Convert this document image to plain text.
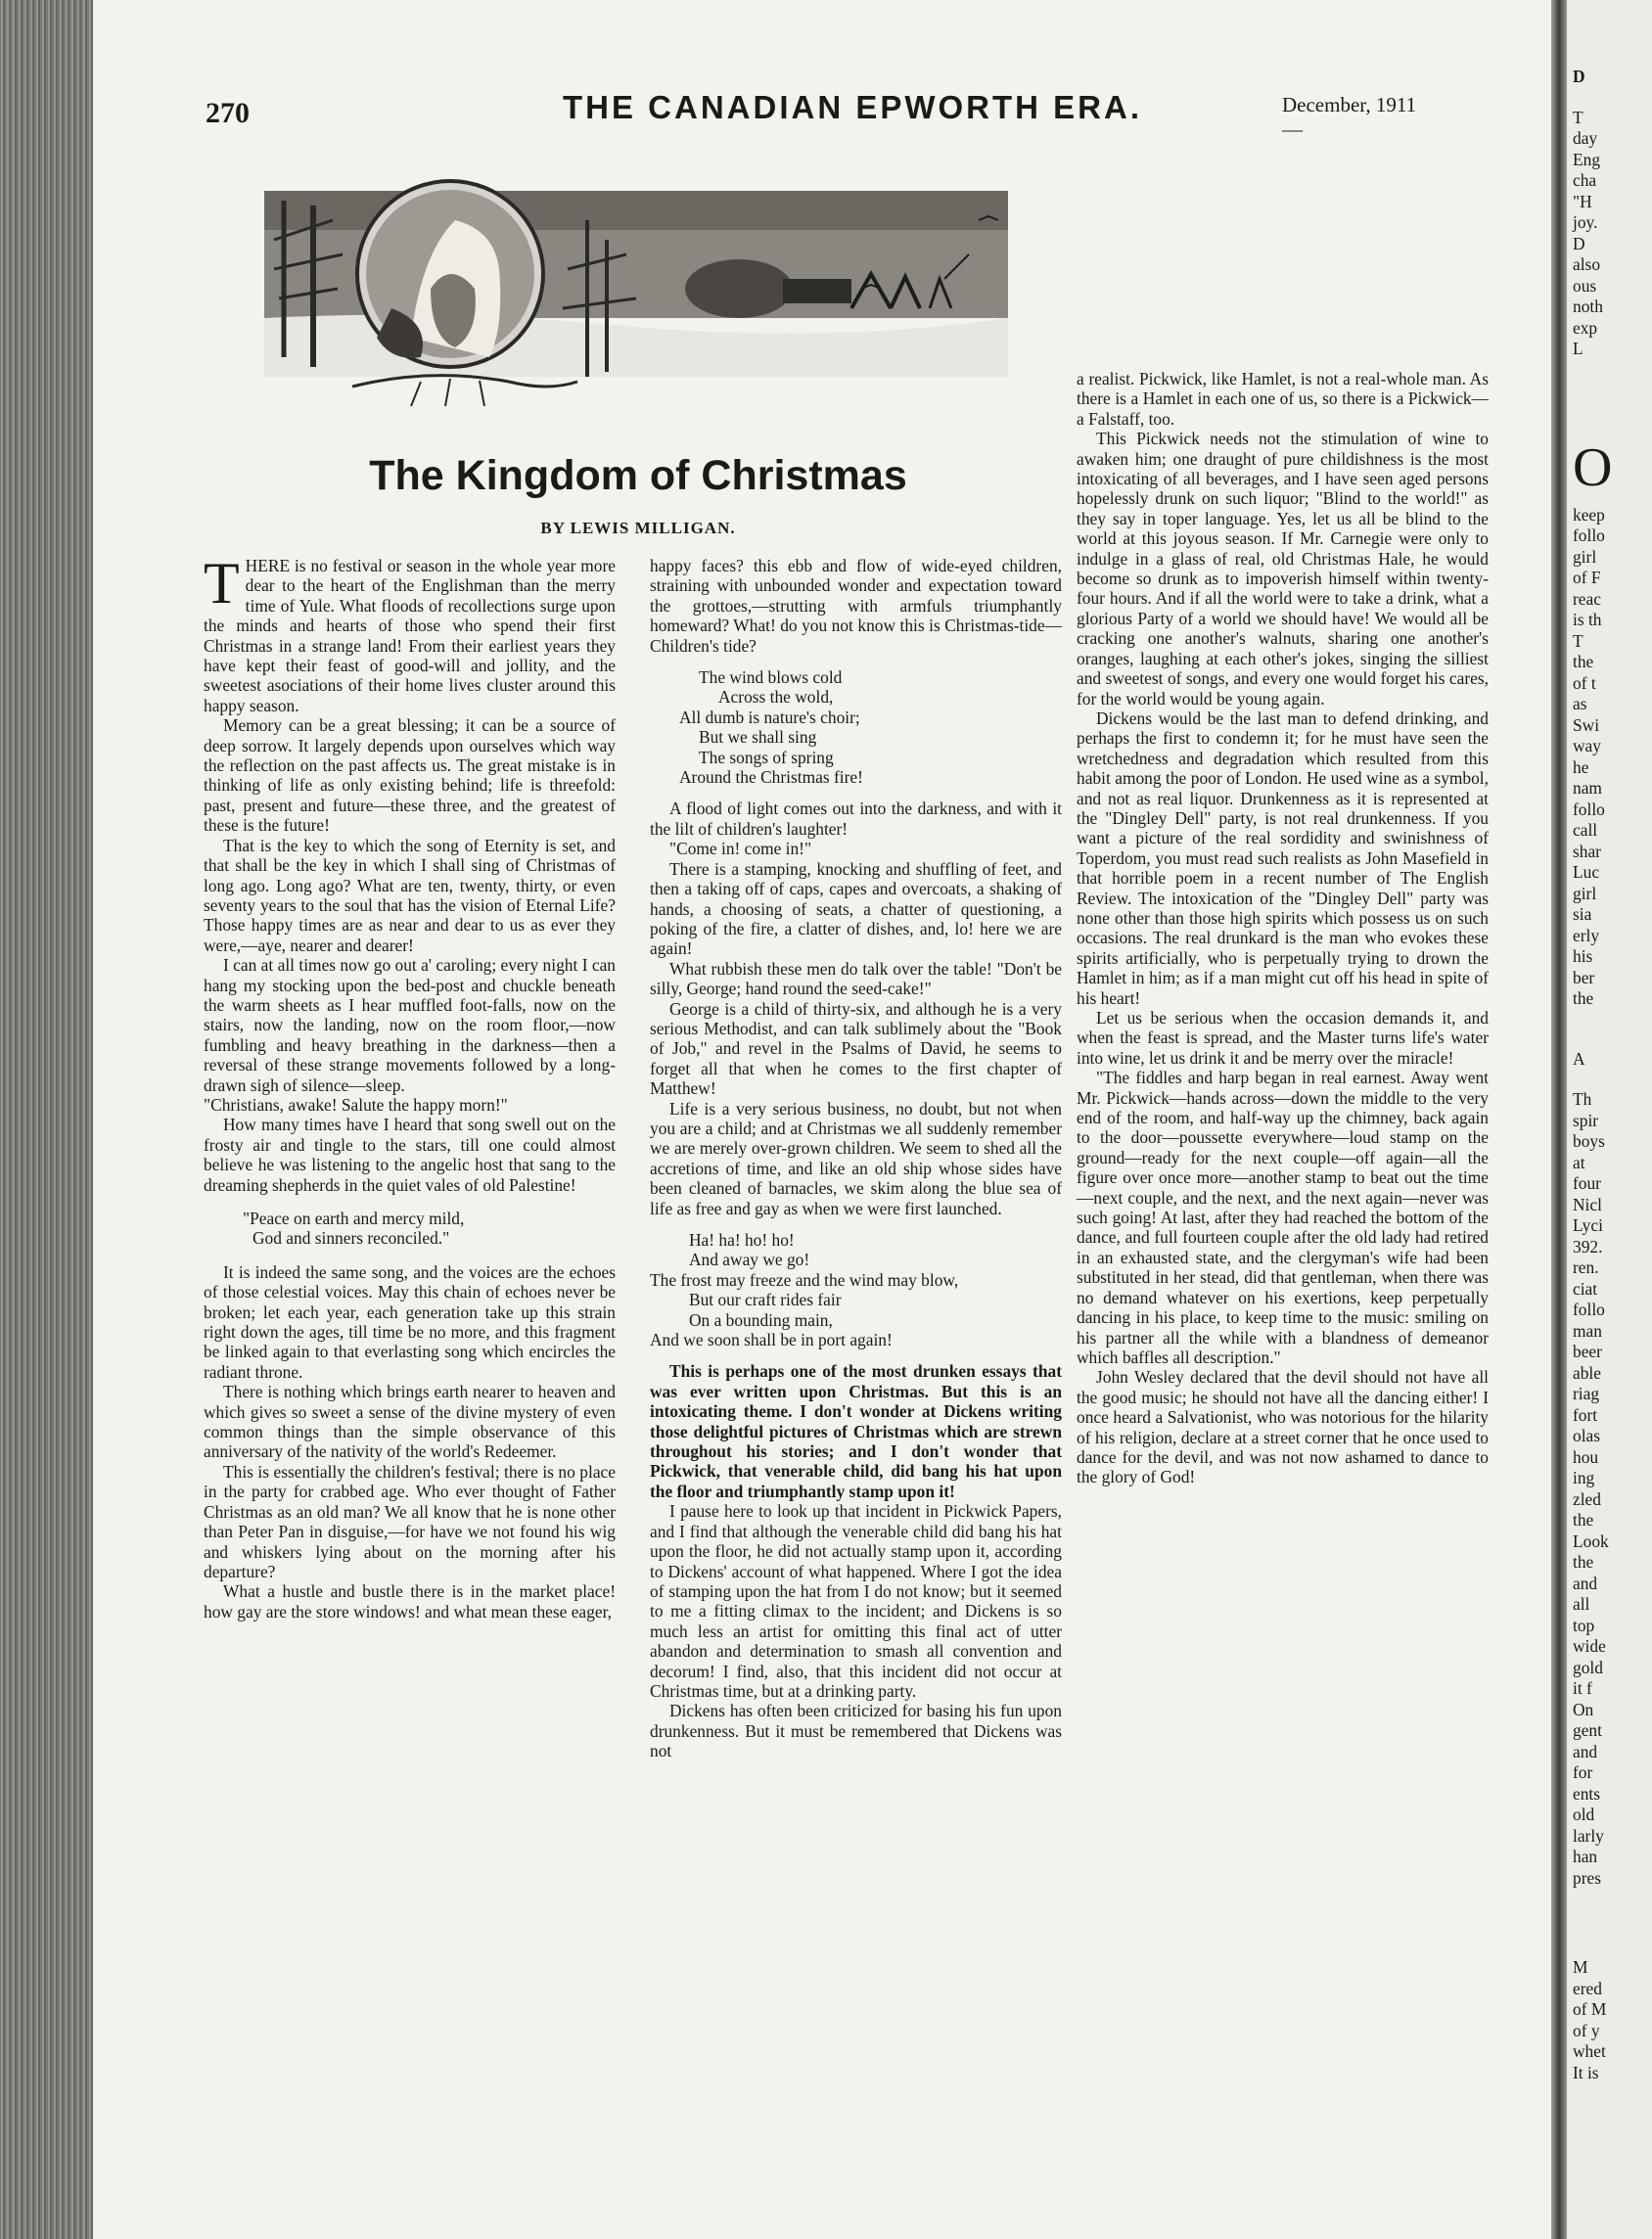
270	THE CANADIAN EPWORTH ERA.	December, 1911—
The Kingdom of Christmas
BY LEWIS MILLIGAN.

THERE is no festival or season in the whole year more dear to the heart of the Englishman than the merry time of Yule. What floods of recollections surge upon the minds and hearts of those who spend their first Christmas in a strange land! From their earliest years they have kept their feast of good-will and jollity, and the sweetest asociations of their home lives cluster around this happy season.

Memory can be a great blessing; it can be a source of deep sorrow. It largely depends upon ourselves which way the reflection on the past affects us. The great mistake is in thinking of life as only existing behind; life is threefold: past, present and future—these three, and the greatest of these is the future!

That is the key to which the song of Eternity is set, and that shall be the key in which I shall sing of Christmas of long ago. Long ago? What are ten, twenty, thirty, or even seventy years to the soul that has the vision of Eternal Life? Those happy times are as near and dear to us as ever they were,—aye, nearer and dearer!

I can at all times now go out a' caroling; every night I can hang my stocking upon the bed-post and chuckle beneath the warm sheets as I hear muffled foot-falls, now on the stairs, now the landing, now on the room floor,—now fumbling and heavy breathing in the darkness—then a reversal of these strange movements followed by a long-drawn sigh of silence—sleep.

"Christians, awake! Salute the happy morn!"

How many times have I heard that song swell out on the frosty air and tingle to the stars, till one could almost believe he was listening to the angelic host that sang to the dreaming shepherds in the quiet vales of old Palestine!

"Peace on earth and mercy mild,
God and sinners reconciled."

It is indeed the same song, and the voices are the echoes of those celestial voices. May this chain of echoes never be broken; let each year, each generation take up this strain right down the ages, till time be no more, and this fragment be linked again to that everlasting song which encircles the radiant throne.

There is nothing which brings earth nearer to heaven and which gives so sweet a sense of the divine mystery of even common things than the simple observance of this anniversary of the nativity of the world's Redeemer.

This is essentially the children's festival; there is no place in the party for crabbed age. Who ever thought of Father Christmas as an old man? We all know that he is none other than Peter Pan in disguise,—for have we not found his wig and whiskers lying about on the morning after his departure?

What a hustle and bustle there is in the market place! how gay are the store windows! and what mean these eager,

happy faces? this ebb and flow of wide-eyed children, straining with unbounded wonder and expectation toward the grottoes,—strutting with armfuls triumphantly homeward? What! do you not know this is Christmas-tide—Children's tide?

The wind blows cold
Across the wold,
All dumb is nature's choir;
But we shall sing
The songs of spring
Around the Christmas fire!

A flood of light comes out into the darkness, and with it the lilt of children's laughter!

"Come in! come in!"

There is a stamping, knocking and shuffling of feet, and then a taking off of caps, capes and overcoats, a shaking of hands, a choosing of seats, a chatter of questioning, a poking of the fire, a clatter of dishes, and, lo! here we are again!

What rubbish these men do talk over the table! "Don't be silly, George; hand round the seed-cake!"

George is a child of thirty-six, and although he is a very serious Methodist, and can talk sublimely about the "Book of Job," and revel in the Psalms of David, he seems to forget all that when he comes to the first chapter of Matthew!

Life is a very serious business, no doubt, but not when you are a child; and at Christmas we all suddenly remember we are merely over-grown children. We seem to shed all the accretions of time, and like an old ship whose sides have been cleaned of barnacles, we skim along the blue sea of life as free and gay as when we were first launched.

Ha! ha! ho! ho!
And away we go!
The frost may freeze and the wind may blow,
But our craft rides fair
On a bounding main,
And we soon shall be in port again!

This is perhaps one of the most drunken essays that was ever written upon Christmas. But this is an intoxicating theme. I don't wonder at Dickens writing those delightful pictures of Christmas which are strewn throughout his stories; and I don't wonder that Pickwick, that venerable child, did bang his hat upon the floor and triumphantly stamp upon it!

I pause here to look up that incident in Pickwick Papers, and I find that although the venerable child did bang his hat upon the floor, he did not actually stamp upon it, according to Dickens' account of what happened. Where I got the idea of stamping upon the hat from I do not know; but it seemed to me a fitting climax to the incident; and Dickens is so much less an artist for omitting this final act of utter abandon and determination to smash all convention and decorum! I find, also, that this incident did not occur at Christmas time, but at a drinking party.

Dickens has often been criticized for basing his fun upon drunkenness. But it must be remembered that Dickens was not

a realist. Pickwick, like Hamlet, is not a real-whole man. As there is a Hamlet in each one of us, so there is a Pickwick—a Falstaff, too.

This Pickwick needs not the stimulation of wine to awaken him; one draught of pure childishness is the most intoxicating of all beverages, and I have seen aged persons hopelessly drunk on such liquor; "Blind to the world!" as they say in toper language. Yes, let us all be blind to the world at this joyous season. If Mr. Carnegie were only to indulge in a glass of real, old Christmas Hale, he would become so drunk as to impoverish himself within twenty-four hours. And if all the world were to take a drink, what a glorious Party of a world we should have! We would all be cracking one another's walnuts, sharing one another's oranges, laughing at each other's jokes, singing the silliest and sweetest of songs, and every one would forget his cares, for the world would be young again.

Dickens would be the last man to defend drinking, and perhaps the first to condemn it; for he must have seen the wretchedness and degradation which resulted from this habit among the poor of London. He used wine as a symbol, and not as real liquor. Drunkenness as it is represented at the "Dingley Dell" party, is not real drunkenness. If you want a picture of the real sordidity and swinishness of Toperdom, you must read such realists as John Masefield in that horrible poem in a recent number of The English Review. The intoxication of the "Dingley Dell" party was none other than those high spirits which possess us on such occasions. The real drunkard is the man who evokes these spirits artificially, who is perpetually trying to drown the Hamlet in him; as if a man might cut off his head in spite of his heart!

Let us be serious when the occasion demands it, and when the feast is spread, and the Master turns life's water into wine, let us drink it and be merry over the miracle!

"The fiddles and harp began in real earnest. Away went Mr. Pickwick—hands across—down the middle to the very end of the room, and half-way up the chimney, back again to the door—poussette everywhere—loud stamp on the ground—ready for the next couple—off again—all the figure over once more—another stamp to beat out the time—next couple, and the next, and the next again—never was such going! At last, after they had reached the bottom of the dance, and full fourteen couple after the old lady had retired in an exhausted state, and the clergyman's wife had been substituted in her stead, did that gentleman, when there was no demand whatever on his exertions, keep perpetually dancing in his place, to keep time to the music: smiling on his partner all the while with a blandness of demeanor which baffles all description."

John Wesley declared that the devil should not have all the good music; he should not have all the dancing either! I once heard a Salvationist, who was notorious for the hilarity of his religion, declare at a street corner that he once used to dance for the devil, and was not now ashamed to dance to the glory of God!

D
T
day
Eng
cha
"H
joy.
D
also
ous
noth
exp
L
O
keep
follo
girl
of F
reac
is th
T
the
of t
as
Swi
way
he
nam
follo
call
shar
Luc
girl
sia
erly
his
ber
the
A
Th
spir
boys
at
four
Nicl
Lyci
392.
ren.
ciat
follo
man
beer
able
riag
fort
olas
hou
ing
zled
the
Look
the
and
all
top
wide
gold
it f
On
gent
and
for
ents
old
larly
han
pres
M
ered
of M
of y
whet
It is
